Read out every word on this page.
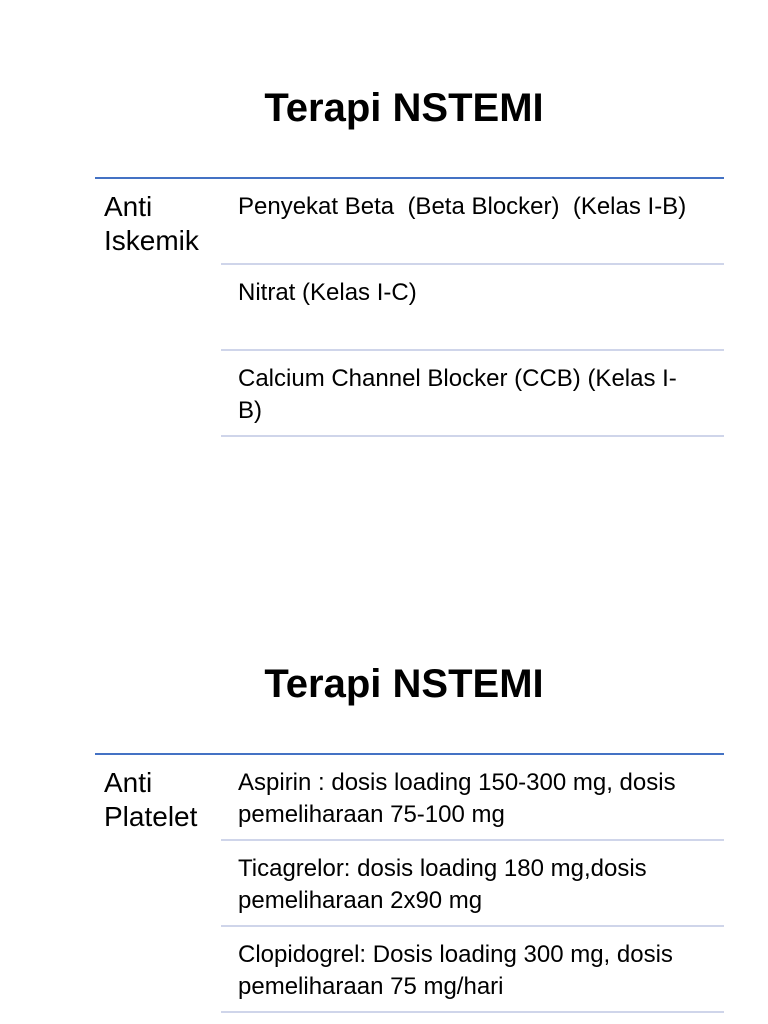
Terapi NSTEMI
Anti
Iskemik
Penyekat Beta  (Beta Blocker)  (Kelas I-B)
Nitrat (Kelas I-C)
Calcium Channel Blocker (CCB) (Kelas I-
B)
Terapi NSTEMI
Anti
Platelet
Aspirin : dosis loading 150-300 mg, dosis pemeliharaan 75-100 mg
Ticagrelor: dosis loading 180 mg,dosis pemeliharaan 2x90 mg
Clopidogrel: Dosis loading 300 mg, dosis pemeliharaan 75 mg/hari
